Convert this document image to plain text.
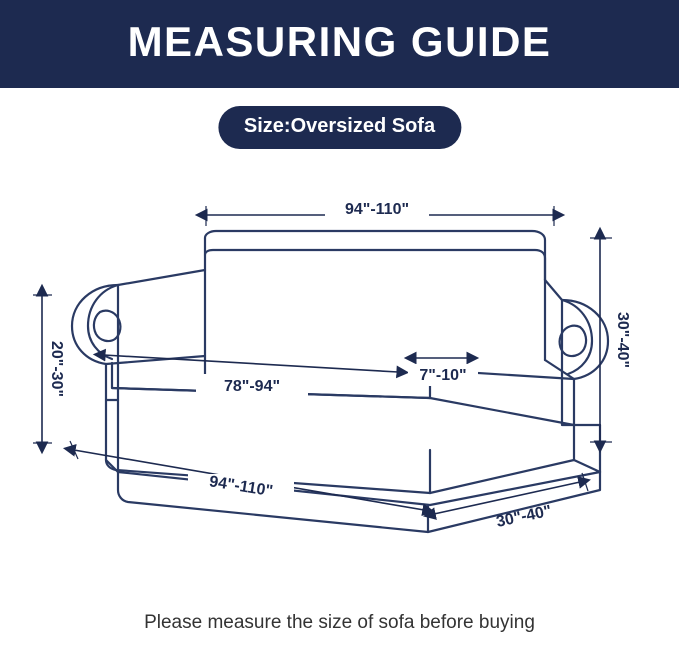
MEASURING GUIDE
Size:Oversized Sofa
94"-110"
30"-40"
20"-30"	78"-94"
7"-10"
94"-110"
30"-40"
Please measure the size of sofa before buying
